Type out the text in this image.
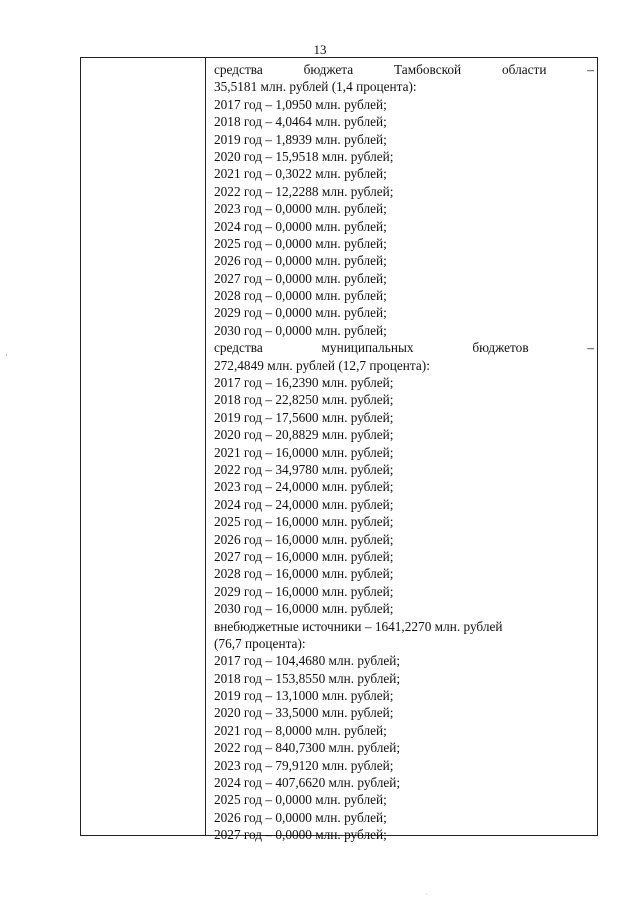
13
средства	бюджета	Тамбовской	области	–
35,5181 млн. рублей (1,4 процента):
2017 год – 1,0950 млн. рублей;
2018 год – 4,0464 млн. рублей;
2019 год – 1,8939 млн. рублей;
2020 год – 15,9518 млн. рублей;
2021 год – 0,3022 млн. рублей;
2022 год – 12,2288 млн. рублей;
2023 год – 0,0000 млн. рублей;
2024 год – 0,0000 млн. рублей;
2025 год – 0,0000 млн. рублей;
2026 год – 0,0000 млн. рублей;
2027 год – 0,0000 млн. рублей;
2028 год – 0,0000 млн. рублей;
2029 год – 0,0000 млн. рублей;
2030 год – 0,0000 млн. рублей;
средства	муниципальных	бюджетов	–
272,4849 млн. рублей (12,7 процента):
2017 год – 16,2390 млн. рублей;
2018 год – 22,8250 млн. рублей;
2019 год – 17,5600 млн. рублей;
2020 год – 20,8829 млн. рублей;
2021 год – 16,0000 млн. рублей;
2022 год – 34,9780 млн. рублей;
2023 год – 24,0000 млн. рублей;
2024 год – 24,0000 млн. рублей;
2025 год – 16,0000 млн. рублей;
2026 год – 16,0000 млн. рублей;
2027 год – 16,0000 млн. рублей;
2028 год – 16,0000 млн. рублей;
2029 год – 16,0000 млн. рублей;
2030 год – 16,0000 млн. рублей;
внебюджетные источники – 1641,2270 млн. рублей
(76,7 процента):
2017 год – 104,4680 млн. рублей;
2018 год – 153,8550 млн. рублей;
2019 год – 13,1000 млн. рублей;
2020 год – 33,5000 млн. рублей;
2021 год – 8,0000 млн. рублей;
2022 год – 840,7300 млн. рублей;
2023 год – 79,9120 млн. рублей;
2024 год – 407,6620 млн. рублей;
2025 год – 0,0000 млн. рублей;
2026 год – 0,0000 млн. рублей;
2027 год – 0,0000 млн. рублей;
·
·
